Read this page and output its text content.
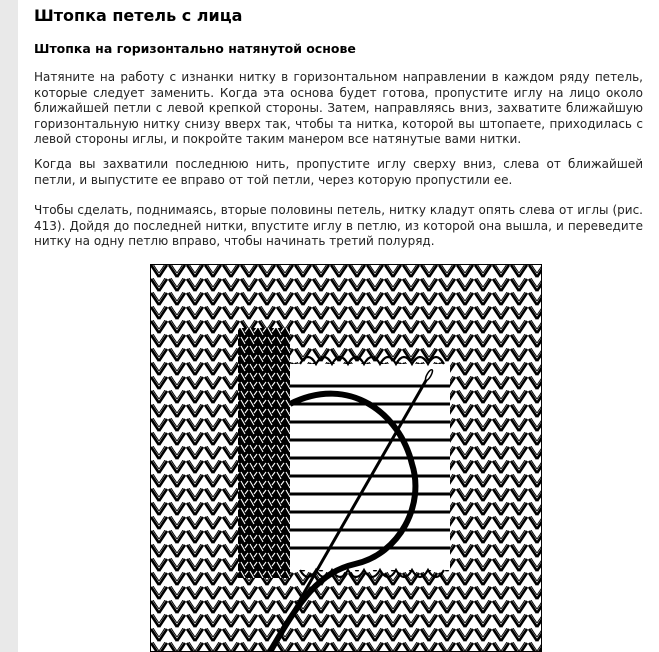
Штопка петель с лица
Штопка на горизонтально натянутой основе

Натяните на работу с изнанки нитку в горизонтальном направлении в каждом ряду петель, которые следует заменить. Когда эта основа будет готова, пропустите иглу на лицо около ближайшей петли с левой крепкой стороны. Затем, направляясь вниз, захватите ближайшую горизонтальную нитку снизу вверх так, чтобы та нитка, которой вы штопаете, приходилась с левой стороны иглы, и покройте таким манером все натянутые вами нитки.

Когда вы захватили последнюю нить, пропустите иглу сверху вниз, слева от ближайшей петли, и выпустите ее вправо от той петли, через которую пропустили ее.

Чтобы сделать, поднимаясь, вторые половины петель, нитку кладут опять слева от иглы (рис. 413). Дойдя до последней нитки, впустите иглу в петлю, из которой она вышла, и переведите нитку на одну петлю вправо, чтобы начинать третий полуряд.
